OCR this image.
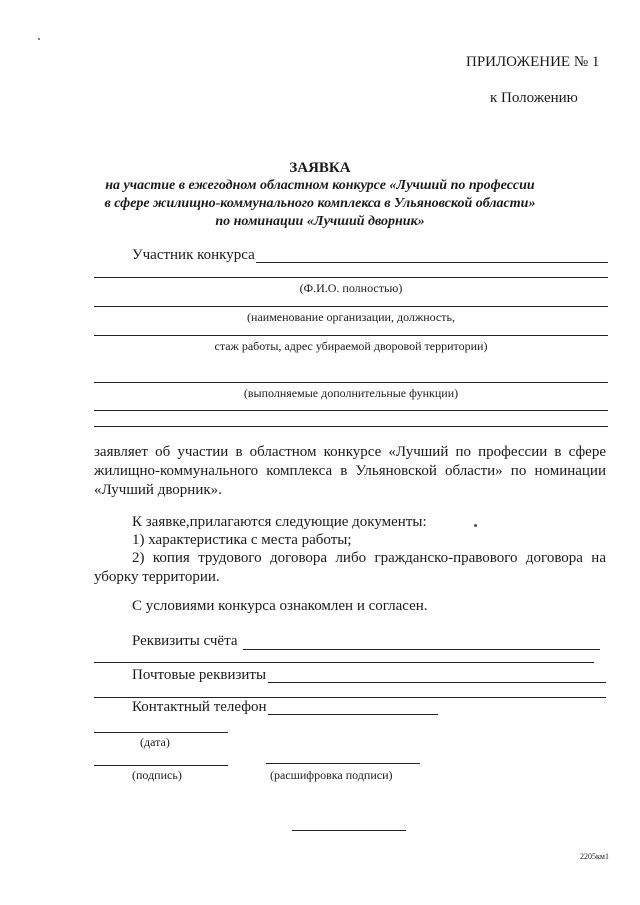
ПРИЛОЖЕНИЕ № 1
к Положению
ЗАЯВКА
на участие в ежегодном областном конкурсе «Лучший по профессии
в сфере жилищно-коммунального комплекса в Ульяновской области»
по номинации «Лучший дворник»
Участник конкурса
(Ф.И.О. полностью)
(наименование организации, должность,
стаж работы, адрес убираемой дворовой территории)
(выполняемые дополнительные функции)
заявляет об участии в областном конкурсе «Лучший по профессии в сфере жилищно-коммунального комплекса в Ульяновской области» по номинации «Лучший дворник».
К заявке,прилагаются следующие документы:
1) характеристика с места работы;
2) копия трудового договора либо гражданско-правового договора на уборку территории.
С условиями конкурса ознакомлен и согласен.
Реквизиты счёта
Почтовые реквизиты
Контактный телефон
(дата)
(подпись)	(расшифровка подписи)
2205км1
